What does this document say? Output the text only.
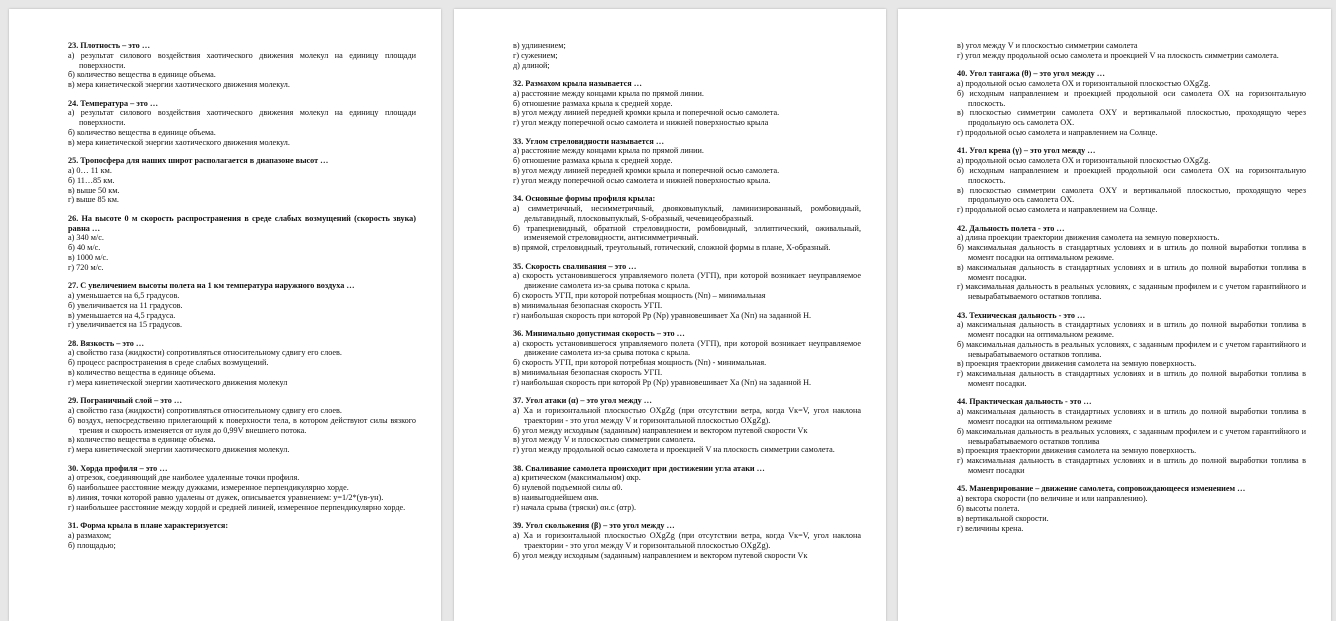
23. Плотность – это …
а) результат силового воздействия хаотического движения молекул на единицу площади поверхности.
б) количество вещества в единице объема.
в) мера кинетической энергии хаотического движения молекул.
24. Температура – это …
а) результат силового воздействия хаотического движения молекул на единицу площади поверхности.
б) количество вещества в единице объема.
в) мера кинетической энергии хаотического движения молекул.
25. Тропосфера для наших широт располагается в диапазоне высот …
а) 0… 11 км.
б) 11…85 км.
в) выше 50 км.
г) выше 85 км.
26. На высоте 0 м скорость распространения в среде слабых возмущений (скорость звука) равна …
а) 340 м/с.
б) 40 м/с.
в) 1000 м/с.
г) 720 м/с.
27. С увеличением высоты полета на 1 км температура наружного воздуха …
а) уменьшается на 6,5 градусов.
б) увеличивается на 11 градусов.
в) уменьшается на 4,5 градуса.
г) увеличивается на 15 градусов.
28. Вязкость – это …
а) свойство газа (жидкости) сопротивляться относительному сдвигу его слоев.
б) процесс распространения в среде слабых возмущений.
в) количество вещества в единице объема.
г) мера кинетической энергии хаотического движения молекул
29. Пограничный слой – это …
а) свойство газа (жидкости) сопротивляться относительному сдвигу его слоев.
б) воздух, непосредственно прилегающий к поверхности тела, в котором действуют силы вязкого трения и скорость изменяется от нуля до 0,99V внешнего потока.
в) количество вещества в единице объема.
г) мера кинетической энергии хаотического движения молекул.
30. Хорда профиля – это …
а) отрезок, соединяющий две наиболее удаленные точки профиля.
б) наибольшее расстояние между дужками, измеренное перпендикулярно хорде.
в) линия, точки которой равно удалены от дужек, описывается уравнением: y=1/2*(yв-yн).
г) наибольшее расстояние между хордой и средней линией, измеренное перпендикулярно хорде.
31. Форма крыла в плане характеризуется:
а) размахом;
б) площадью;
в) удлинением;
г) сужением;
д) длиной;
32. Размахом крыла называется …
а) расстояние между концами крыла по прямой линии.
б) отношение размаха крыла к средней хорде.
в) угол между линией передней кромки крыла и поперечной осью самолета.
г) угол между поперечной осью самолета и нижней поверхностью крыла
33. Углом стреловидности называется …
а) расстояние между концами крыла по прямой линии.
б) отношение размаха крыла к средней хорде.
в) угол между линией передней кромки крыла и поперечной осью самолета.
г) угол между поперечной осью самолета и нижней поверхностью крыла.
34. Основные формы профиля крыла:
а) симметричный, несимметричный, двояковыпуклый, ламинизированный, ромбовидный, дельтавидный, плосковыпуклый, S-образный, чечевицеобразный.
б) трапециевидный, обратной стреловидности, ромбовидный, эллиптический, оживальный, изменяемой стреловидности, антисимметричный.
в) прямой, стреловидный, треугольный, готический, сложной формы в плане, X-образный.
35. Скорость сваливания – это …
а) скорость установившегося управляемого полета (УГП), при которой возникает неуправляемое движение самолета из-за срыва потока с крыла.
б) скорость УГП, при которой потребная мощность (Nп) – минимальная
в) минимальная безопасная скорость УГП.
г) наибольшая скорость при которой Рр (Nр) уравновешивает Xа (Nп) на заданной Н.
36. Минимально допустимая скорость – это …
а) скорость установившегося управляемого полета (УГП), при которой возникает неуправляемое движение самолета из-за срыва потока с крыла.
б) скорость УГП, при которой потребная мощность (Nп) - минимальная.
в) минимальная безопасная скорость УГП.
г) наибольшая скорость при которой Рр (Nр) уравновешивает Xа (Nп) на заданной Н.
37. Угол атаки (α) – это угол между …
а) Ха и горизонтальной плоскостью OXgZg (при отсутствии ветра, когда Vк=V, угол наклона траектории - это угол между V и горизонтальной плоскостью OXgZg).
б) угол между исходным (заданным) направлением и вектором путевой скорости Vк
в) угол между V и плоскостью симметрии самолета.
г) угол между продольной осью самолета и проекцией V на плоскость симметрии самолета.
38. Сваливание самолета происходит при достижении угла атаки …
а) критическом (максимальном) αкр.
б) нулевой подъемной силы α0.
в) наивыгоднейшем αнв.
г) начала срыва (тряски) αн.с (αтр).
39. Угол скольжения (β) – это угол между …
а) Ха и горизонтальной плоскостью OXgZg (при отсутствии ветра, когда Vк=V, угол наклона траектории - это угол между V и горизонтальной плоскостью OXgZg).
б) угол между исходным (заданным) направлением и вектором путевой скорости Vк
в) угол между V и плоскостью симметрии самолета
г) угол между продольной осью самолета и проекцией V на плоскость симметрии самолета.
40. Угол тангажа (θ) – это угол между …
а) продольной осью самолета OX и горизонтальной плоскостью OXgZg.
б) исходным направлением и проекцией продольной оси самолета OX на горизонтальную плоскость.
в) плоскостью симметрии самолета OXY и вертикальной плоскостью, проходящую через продольную ось самолета OX.
г) продольной осью самолета и направлением на Солнце.
41. Угол крена (γ) – это угол между …
а) продольной осью самолета OX и горизонтальной плоскостью OXgZg.
б) исходным направлением и проекцией продольной оси самолета OX на горизонтальную плоскость.
в) плоскостью симметрии самолета OXY и вертикальной плоскостью, проходящую через продольную ось самолета OX.
г) продольной осью самолета и направлением на Солнце.
42. Дальность полета - это …
а) длина проекции траектории движения самолета на земную поверхность.
б) максимальная дальность в стандартных условиях и в штиль до полной выработки топлива в момент посадки на оптимальном режиме.
в) максимальная дальность в стандартных условиях и в штиль до полной выработки топлива в момент посадки.
г) максимальная дальность в реальных условиях, с заданным профилем и с учетом гарантийного и невырабатываемого остатков топлива.
43. Техническая дальность - это …
а) максимальная дальность в стандартных условиях и в штиль до полной выработки топлива в момент посадки на оптимальном режиме.
б) максимальная дальность в реальных условиях, с заданным профилем и с учетом гарантийного и невырабатываемого остатков топлива.
в) проекция траектории движения самолета на земную поверхность.
г) максимальная дальность в стандартных условиях и в штиль до полной выработки топлива в момент посадки.
44. Практическая дальность - это …
а) максимальная дальность в стандартных условиях и в штиль до полной выработки топлива в момент посадки на оптимальном режиме
б) максимальная дальность в реальных условиях, с заданным профилем и с учетом гарантийного и невырабатываемого остатков топлива
в) проекция траектории движения самолета на земную поверхность.
г) максимальная дальность в стандартных условиях и в штиль до полной выработки топлива в момент посадки
45. Маневрирование – движение самолета, сопровождающееся изменением …
а) вектора скорости (по величине и или направлению).
б) высоты полета.
в) вертикальной скорости.
г) величины крена.
